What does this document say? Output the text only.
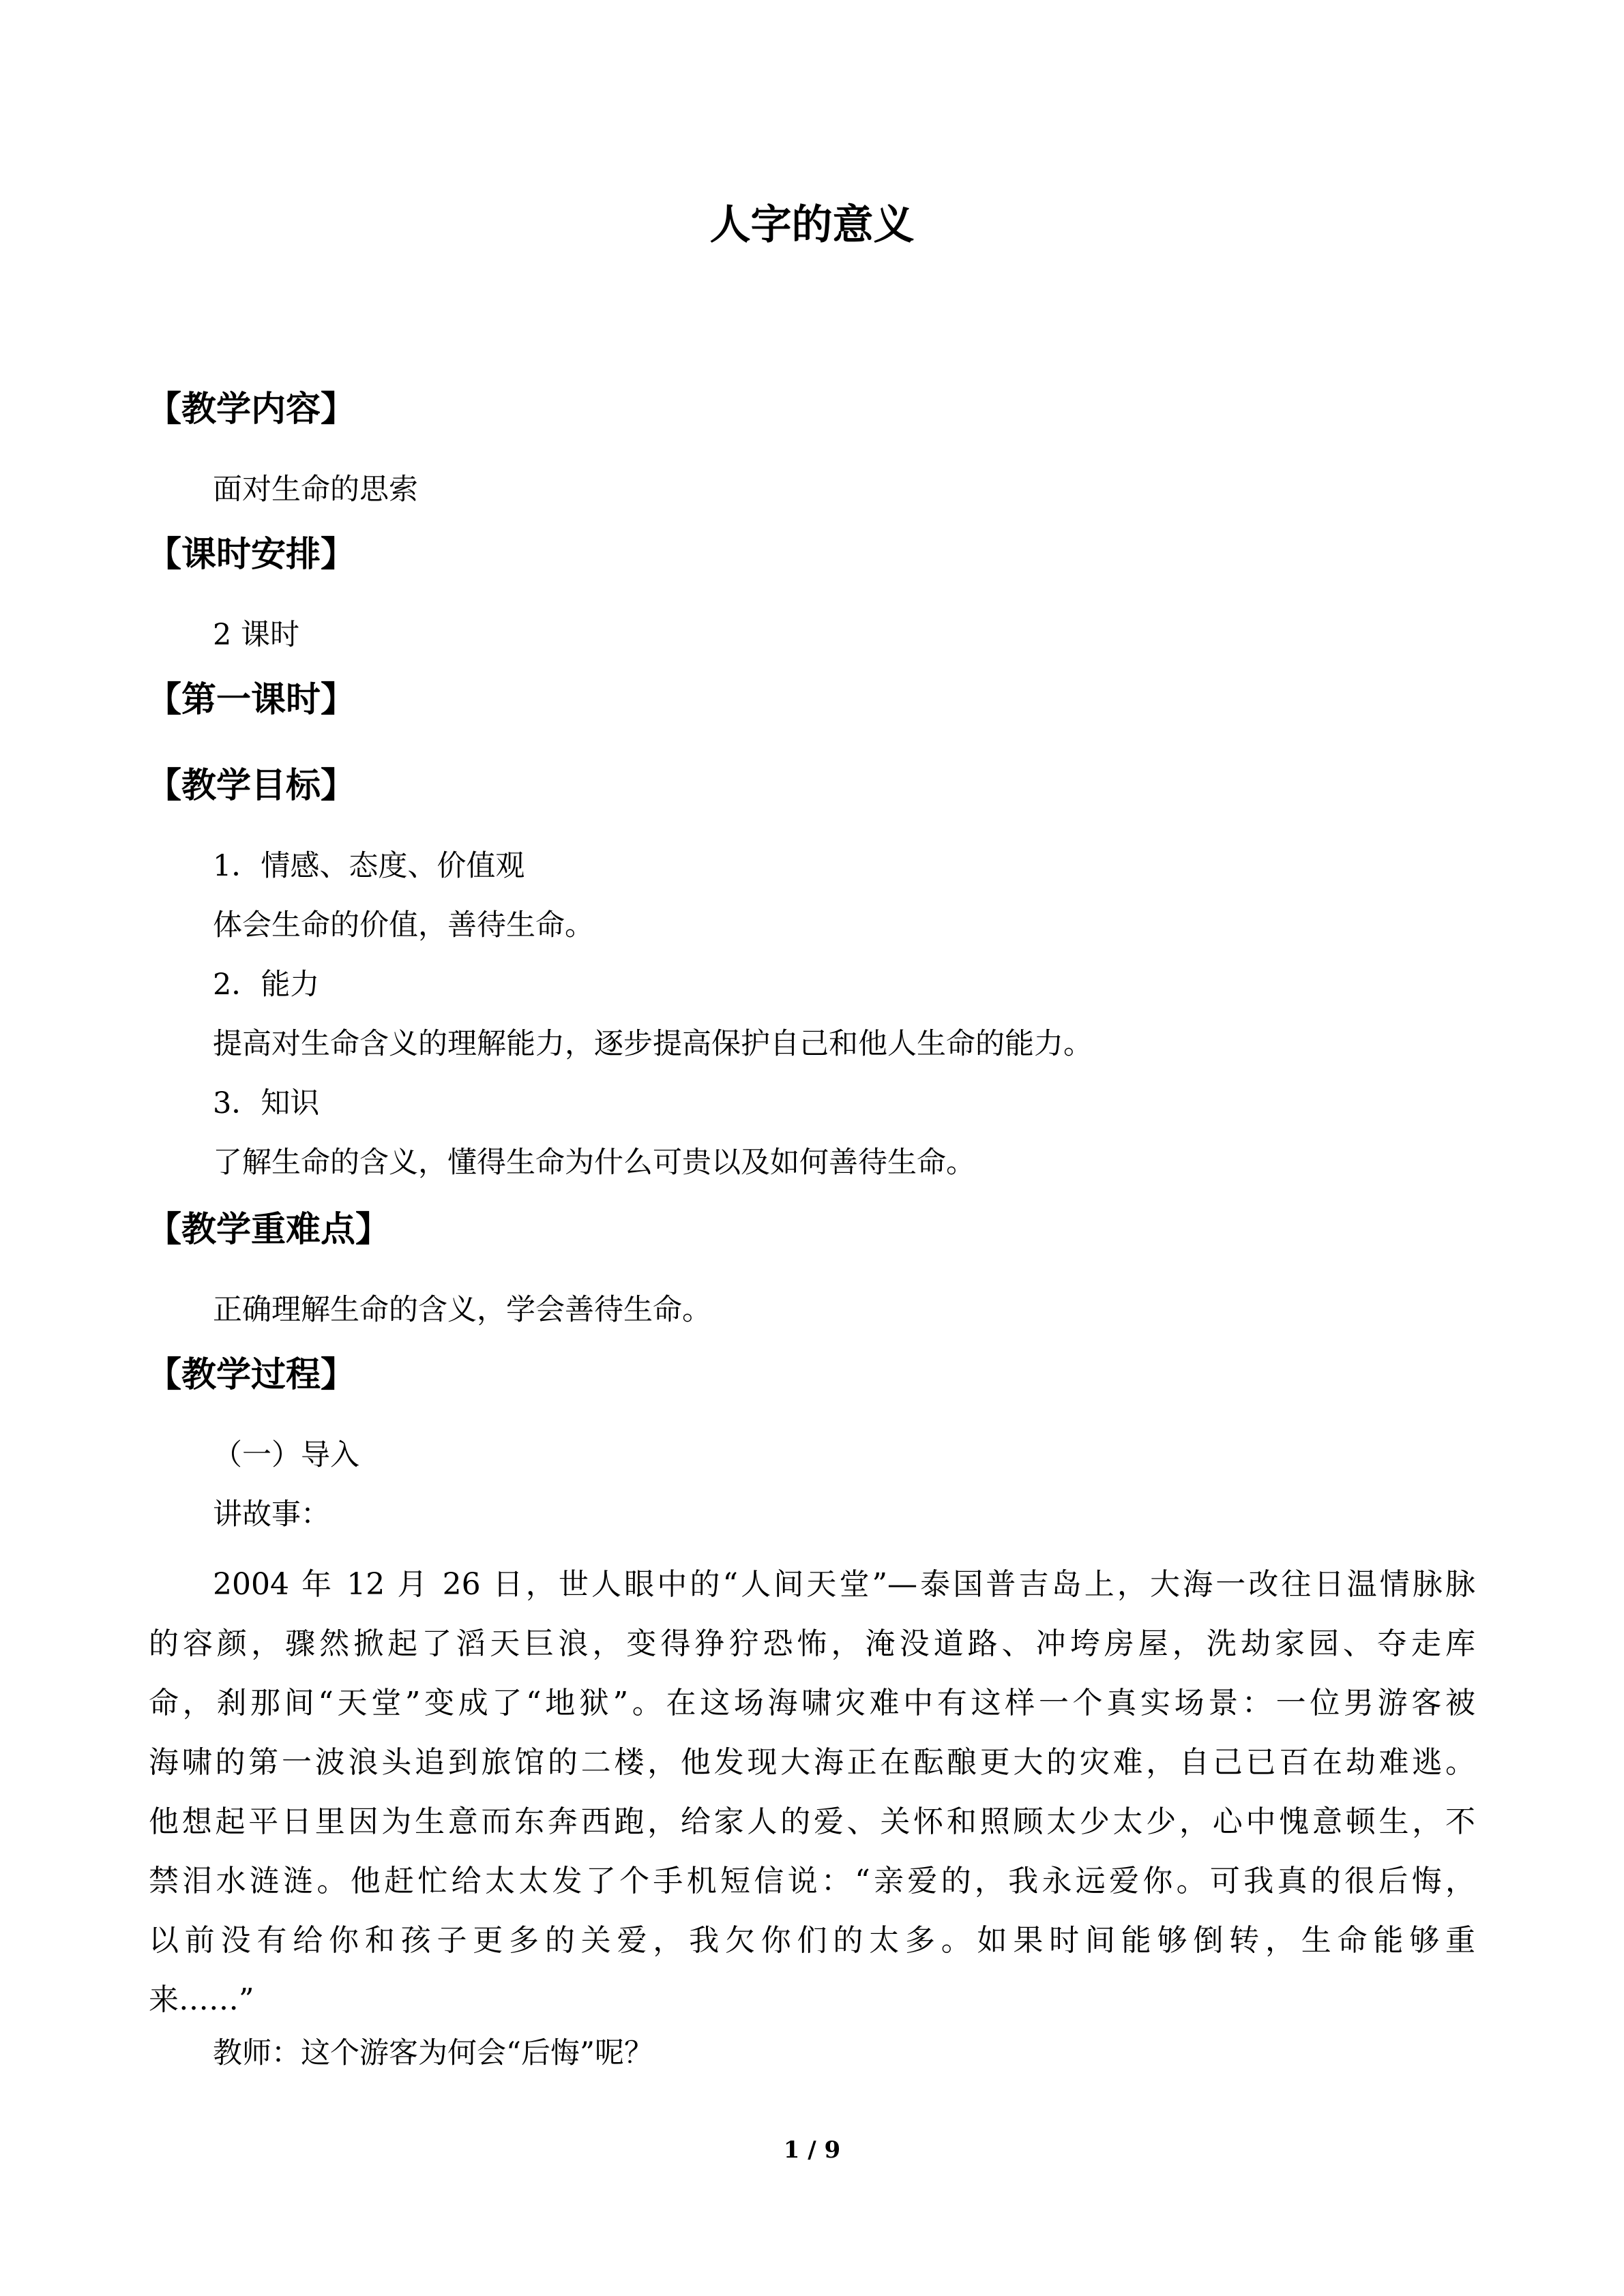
人字的意义
【教学内容】
面对生命的思索
【课时安排】
2 课时
【第一课时】
【教学目标】
1．情感、态度、价值观
体会生命的价值，善待生命。
2．能力
提高对生命含义的理解能力，逐步提高保护自己和他人生命的能力。
3．知识
了解生命的含义，懂得生命为什么可贵以及如何善待生命。
【教学重难点】
正确理解生命的含义，学会善待生命。
【教学过程】
（一）导入
讲故事：
2004 年 12 月 26 日，世人眼中的“人间天堂”—泰国普吉岛上，大海一改往日温情脉脉
的容颜，骤然掀起了滔天巨浪，变得狰狞恐怖，淹没道路、冲垮房屋，洗劫家园、夺走库
命，刹那间“天堂”变成了“地狱”。在这场海啸灾难中有这样一个真实场景：一位男游客被
海啸的第一波浪头追到旅馆的二楼，他发现大海正在酝酿更大的灾难，自己已百在劫难逃。
他想起平日里因为生意而东奔西跑，给家人的爱、关怀和照顾太少太少，心中愧意顿生，不
禁泪水涟涟。他赶忙给太太发了个手机短信说：“亲爱的，我永远爱你。可我真的很后悔，
以前没有给你和孩子更多的关爱，我欠你们的太多。如果时间能够倒转，生命能够重
来……”
教师：这个游客为何会“后悔”呢？
1 / 9
